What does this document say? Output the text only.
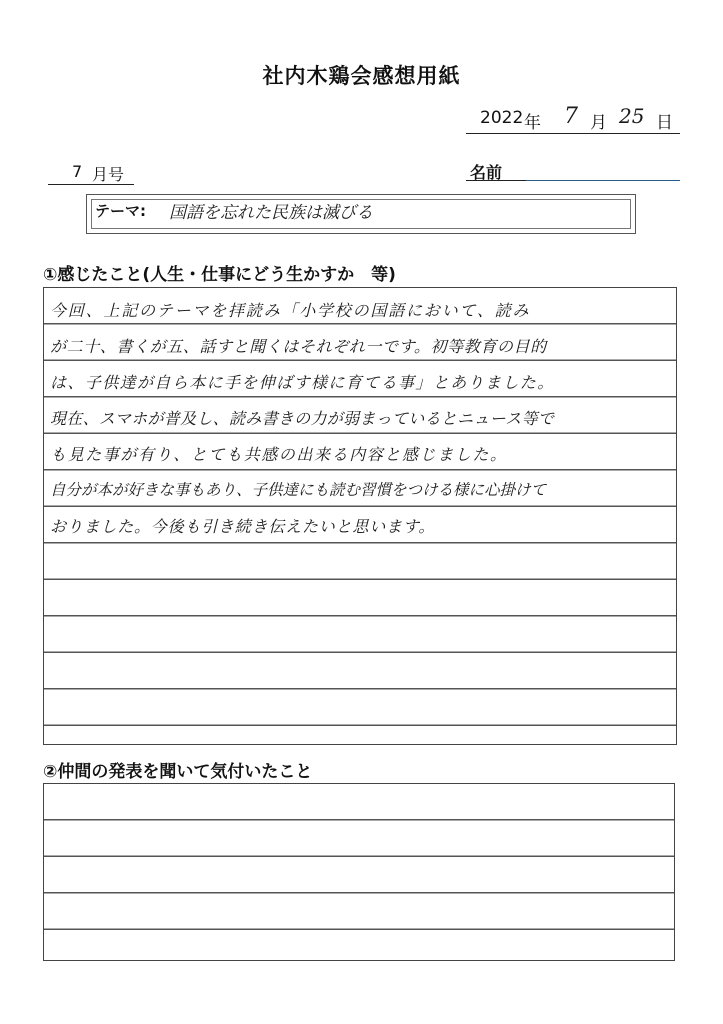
社内木鶏会感想用紙
2022 年 7 月 25 日
7 月号	名前
テーマ: 国語を忘れた民族は滅びる
①感じたこと(人生・仕事にどう生かすか　等)
今回、上記のテーマを拝読み「小学校の国語において、読み
が二十、書くが五、話すと聞くはそれぞれ一です。初等教育の目的
は、子供達が自ら本に手を伸ばす様に育てる事」とありました。
現在、スマホが普及し、読み書きの力が弱まっているとニュース等で
も見た事が有り、とても共感の出来る内容と感じました。
自分が本が好きな事もあり、子供達にも読む習慣をつける様に心掛けて
おりました。今後も引き続き伝えたいと思います。
②仲間の発表を聞いて気付いたこと
